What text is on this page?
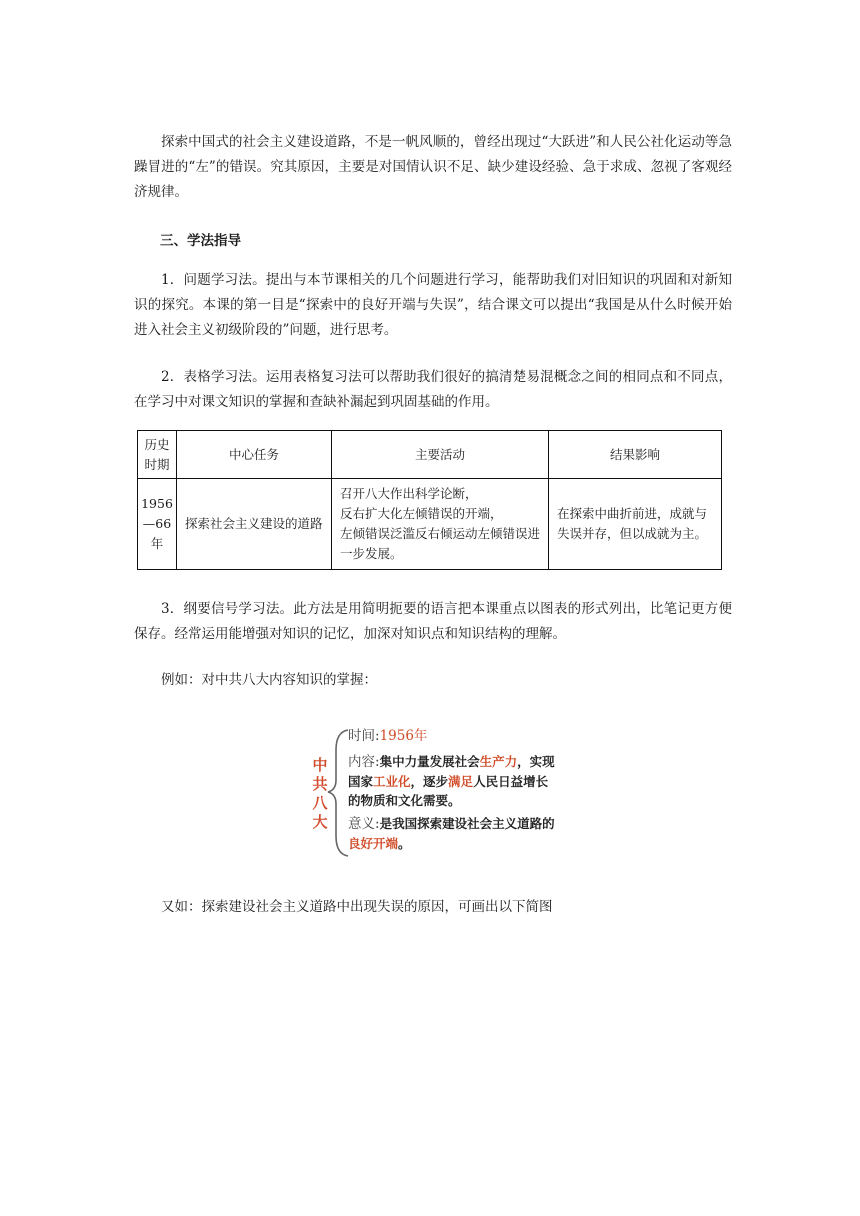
探索中国式的社会主义建设道路，不是一帆风顺的，曾经出现过“大跃进”和人民公社化运动等急躁冒进的“左”的错误。究其原因，主要是对国情认识不足、缺少建设经验、急于求成、忽视了客观经济规律。

三、学法指导

1．问题学习法。提出与本节课相关的几个问题进行学习，能帮助我们对旧知识的巩固和对新知识的探究。本课的第一目是“探索中的良好开端与失误”，结合课文可以提出“我国是从什么时候开始进入社会主义初级阶段的”问题，进行思考。

2．表格学习法。运用表格复习法可以帮助我们很好的搞清楚易混概念之间的相同点和不同点，在学习中对课文知识的掌握和查缺补漏起到巩固基础的作用。

历史时期	中心任务	主要活动	结果影响
1956—66年	探索社会主义建设的道路	召开八大作出科学论断，
反右扩大化左倾错误的开端，
左倾错误泛滥反右倾运动左倾错误进一步发展。	在探索中曲折前进，成就与失误并存，但以成就为主。

3．纲要信号学习法。此方法是用简明扼要的语言把本课重点以图表的形式列出，比笔记更方便保存。经常运用能增强对知识的记忆，加深对知识点和知识结构的理解。

例如：对中共八大内容知识的掌握：

中共八大
时间:1956年
内容:集中力量发展社会生产力，实现国家工业化，逐步满足人民日益增长的物质和文化需要。
意义:是我国探索建设社会主义道路的良好开端。

又如：探索建设社会主义道路中出现失误的原因，可画出以下简图
